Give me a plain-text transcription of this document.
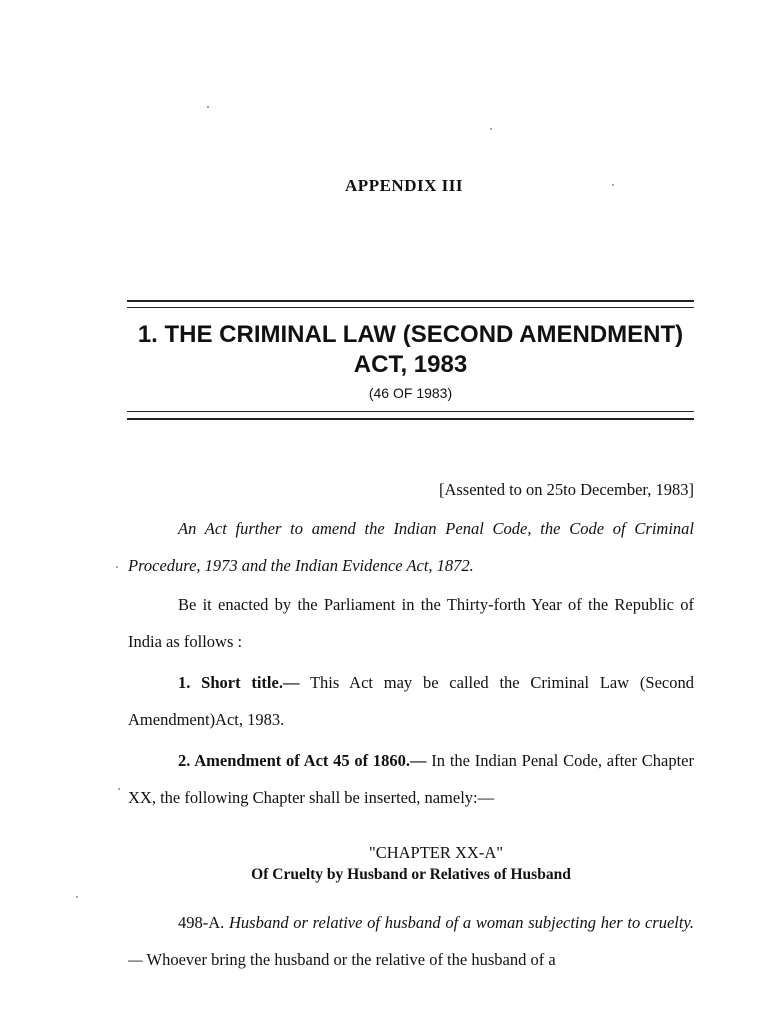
APPENDIX III
1. THE CRIMINAL LAW (SECOND AMENDMENT) ACT, 1983
(46 OF 1983)
[Assented to on 25to December, 1983]
An Act further to amend the Indian Penal Code, the Code of Criminal Procedure, 1973 and the Indian Evidence Act, 1872.
Be it enacted by the Parliament in the Thirty-forth Year of the Republic of India as follows :
1. Short title.— This Act may be called the Criminal Law (Second Amendment)Act, 1983.
2. Amendment of Act 45 of 1860.— In the Indian Penal Code, after Chapter XX, the following Chapter shall be inserted, namely:—
"CHAPTER XX-A"
Of Cruelty by Husband or Relatives of Husband
498-A. Husband or relative of husband of a woman subjecting her to cruelty.— Whoever bring the husband or the relative of the husband of a
